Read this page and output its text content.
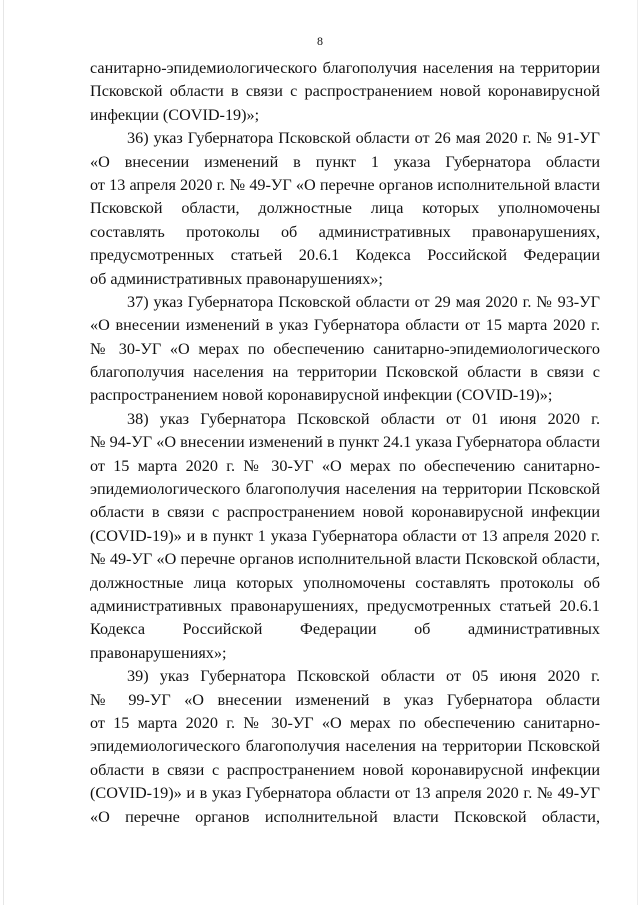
8
санитарно-эпидемиологического благополучия населения на территории
Псковской области в связи с распространением новой коронавирусной
инфекции (COVID-19)»;
36) указ Губернатора Псковской области от 26 мая 2020 г. № 91-УГ
«О внесении изменений в пункт 1 указа Губернатора области
от 13 апреля 2020 г. № 49-УГ «О перечне органов исполнительной власти
Псковской области, должностные лица которых уполномочены
составлять протоколы об административных правонарушениях,
предусмотренных статьей 20.6.1 Кодекса Российской Федерации
об административных правонарушениях»;
37) указ Губернатора Псковской области от 29 мая 2020 г. № 93-УГ
«О внесении изменений в указ Губернатора области от 15 марта 2020 г.
№ 30-УГ «О мерах по обеспечению санитарно-эпидемиологического
благополучия населения на территории Псковской области в связи с
распространением новой коронавирусной инфекции (COVID-19)»;
38) указ Губернатора Псковской области от 01 июня 2020 г.
№ 94-УГ «О внесении изменений в пункт 24.1 указа Губернатора области
от 15 марта 2020 г. № 30-УГ «О мерах по обеспечению санитарно-
эпидемиологического благополучия населения на территории Псковской
области в связи с распространением новой коронавирусной инфекции
(COVID-19)» и в пункт 1 указа Губернатора области от 13 апреля 2020 г.
№ 49-УГ «О перечне органов исполнительной власти Псковской области,
должностные лица которых уполномочены составлять протоколы об
административных правонарушениях, предусмотренных статьей 20.6.1
Кодекса Российской Федерации об административных
правонарушениях»;
39) указ Губернатора Псковской области от 05 июня 2020 г.
№ 99-УГ «О внесении изменений в указ Губернатора области
от 15 марта 2020 г. № 30-УГ «О мерах по обеспечению санитарно-
эпидемиологического благополучия населения на территории Псковской
области в связи с распространением новой коронавирусной инфекции
(COVID-19)» и в указ Губернатора области от 13 апреля 2020 г. № 49-УГ
«О перечне органов исполнительной власти Псковской области,
